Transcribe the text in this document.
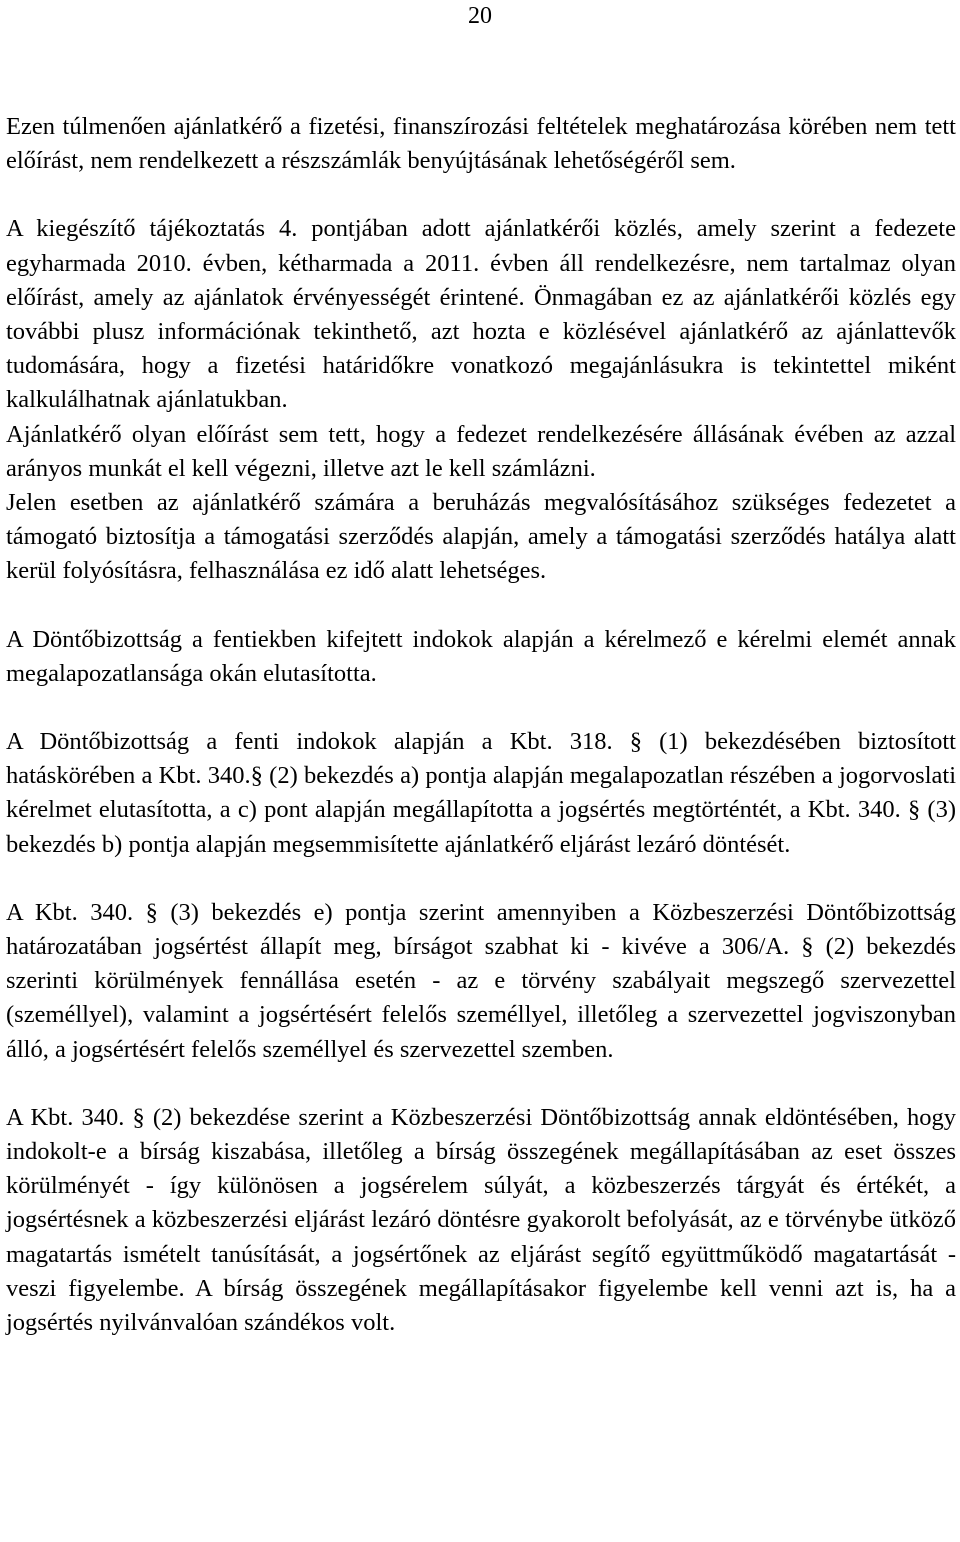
20

Ezen túlmenően ajánlatkérő a fizetési, finanszírozási feltételek meghatározása körében nem tett előírást, nem rendelkezett a részszámlák benyújtásának lehetőségéről sem.

A kiegészítő tájékoztatás 4. pontjában adott ajánlatkérői közlés, amely szerint a fedezete egyharmada 2010. évben, kétharmada a 2011. évben áll rendelkezésre, nem tartalmaz olyan előírást, amely az ajánlatok érvényességét érintené. Önmagában ez az ajánlatkérői közlés egy további plusz információnak tekinthető, azt hozta e közlésével ajánlatkérő az ajánlattevők tudomására, hogy a fizetési határidőkre vonatkozó megajánlásukra is tekintettel miként kalkulálhatnak ajánlatukban.

Ajánlatkérő olyan előírást sem tett, hogy a fedezet rendelkezésére állásának évében az azzal arányos munkát el kell végezni, illetve azt le kell számlázni.

Jelen esetben az ajánlatkérő számára a beruházás megvalósításához szükséges fedezetet a támogató biztosítja a támogatási szerződés alapján, amely a támogatási szerződés hatálya alatt kerül folyósításra, felhasználása ez idő alatt lehetséges.

A Döntőbizottság a fentiekben kifejtett indokok alapján a kérelmező e kérelmi elemét annak megalapozatlansága okán elutasította.

A Döntőbizottság a fenti indokok alapján a Kbt. 318. § (1) bekezdésében biztosított hatáskörében a Kbt. 340.§ (2) bekezdés a) pontja alapján megalapozatlan részében a jogorvoslati kérelmet elutasította, a c) pont alapján megállapította a jogsértés megtörténtét, a Kbt. 340. § (3) bekezdés b) pontja alapján megsemmisítette ajánlatkérő eljárást lezáró döntését.

A Kbt. 340. § (3) bekezdés e) pontja szerint amennyiben a Közbeszerzési Döntőbizottság határozatában jogsértést állapít meg, bírságot szabhat ki - kivéve a 306/A. § (2) bekezdés szerinti körülmények fennállása esetén - az e törvény szabályait megszegő szervezettel (személlyel), valamint a jogsértésért felelős személlyel, illetőleg a szervezettel jogviszonyban álló, a jogsértésért felelős személlyel és szervezettel szemben.

A Kbt. 340. § (2) bekezdése szerint a Közbeszerzési Döntőbizottság annak eldöntésében, hogy indokolt-e a bírság kiszabása, illetőleg a bírság összegének megállapításában az eset összes körülményét - így különösen a jogsérelem súlyát, a közbeszerzés tárgyát és értékét, a jogsértésnek a közbeszerzési eljárást lezáró döntésre gyakorolt befolyását, az e törvénybe ütköző magatartás ismételt tanúsítását, a jogsértőnek az eljárást segítő együttműködő magatartását - veszi figyelembe. A bírság összegének megállapításakor figyelembe kell venni azt is, ha a jogsértés nyilvánvalóan szándékos volt.
